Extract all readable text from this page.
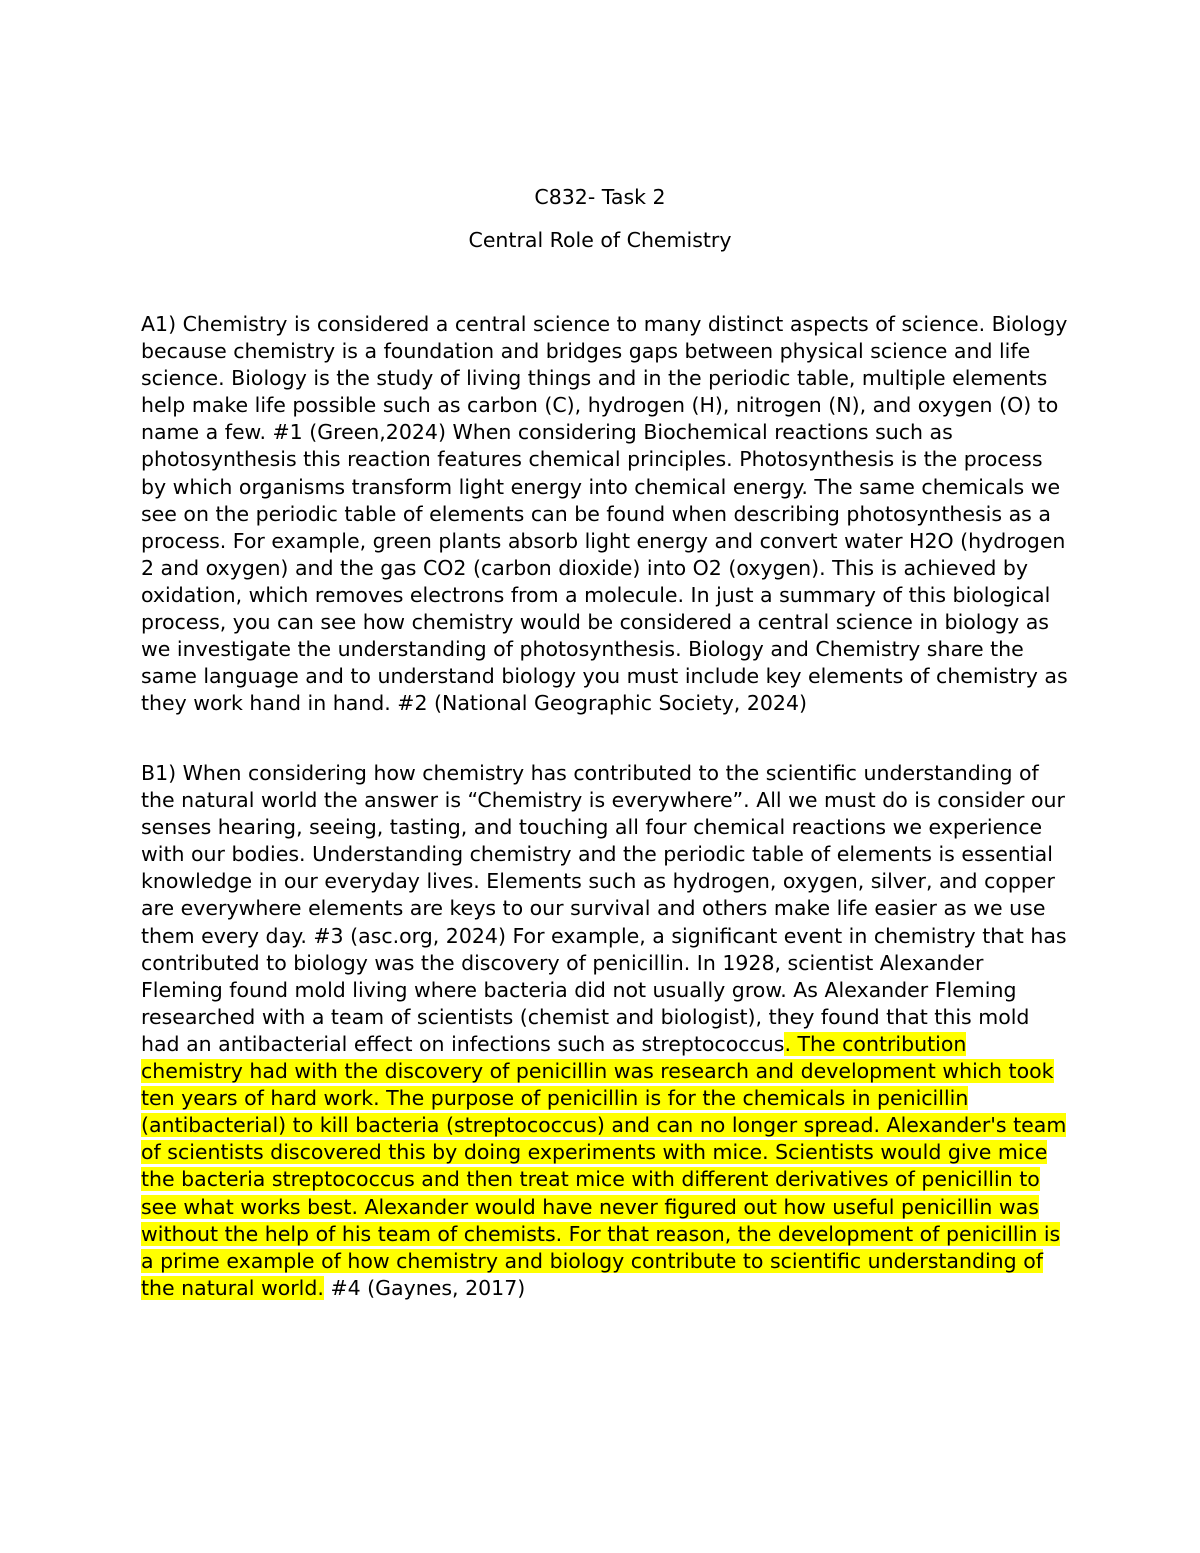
C832- Task 2
Central Role of Chemistry

A1) Chemistry is considered a central science to many distinct aspects of science. Biology because chemistry is a foundation and bridges gaps between physical science and life science. Biology is the study of living things and in the periodic table, multiple elements help make life possible such as carbon (C), hydrogen (H), nitrogen (N), and oxygen (O) to name a few. #1 (Green,2024) When considering Biochemical reactions such as photosynthesis this reaction features chemical principles. Photosynthesis is the process by which organisms transform light energy into chemical energy. The same chemicals we see on the periodic table of elements can be found when describing photosynthesis as a process. For example, green plants absorb light energy and convert water H2O (hydrogen 2 and oxygen) and the gas CO2 (carbon dioxide) into O2 (oxygen). This is achieved by oxidation, which removes electrons from a molecule. In just a summary of this biological process, you can see how chemistry would be considered a central science in biology as we investigate the understanding of photosynthesis. Biology and Chemistry share the same language and to understand biology you must include key elements of chemistry as they work hand in hand. #2 (National Geographic Society, 2024)

B1) When considering how chemistry has contributed to the scientific understanding of the natural world the answer is “Chemistry is everywhere”. All we must do is consider our senses hearing, seeing, tasting, and touching all four chemical reactions we experience with our bodies. Understanding chemistry and the periodic table of elements is essential knowledge in our everyday lives. Elements such as hydrogen, oxygen, silver, and copper are everywhere elements are keys to our survival and others make life easier as we use them every day. #3 (asc.org, 2024) For example, a significant event in chemistry that has contributed to biology was the discovery of penicillin. In 1928, scientist Alexander Fleming found mold living where bacteria did not usually grow. As Alexander Fleming researched with a team of scientists (chemist and biologist), they found that this mold had an antibacterial effect on infections such as streptococcus. The contribution chemistry had with the discovery of penicillin was research and development which took ten years of hard work. The purpose of penicillin is for the chemicals in penicillin (antibacterial) to kill bacteria (streptococcus) and can no longer spread. Alexander's team of scientists discovered this by doing experiments with mice. Scientists would give mice the bacteria streptococcus and then treat mice with different derivatives of penicillin to see what works best. Alexander would have never figured out how useful penicillin was without the help of his team of chemists. For that reason, the development of penicillin is a prime example of how chemistry and biology contribute to scientific understanding of the natural world. #4 (Gaynes, 2017)
